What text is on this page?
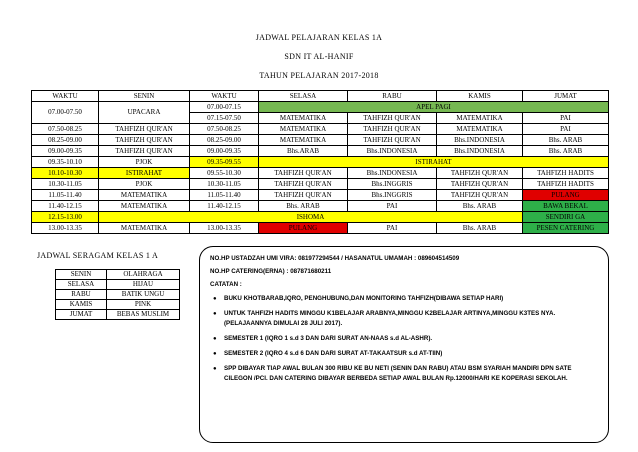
JADWAL PELAJARAN KELAS 1A
SDN IT AL-HANIF
TAHUN PELAJARAN 2017-2018
WAKTU	SENIN	WAKTU	SELASA	RABU	KAMIS	JUMAT
07.00-07.50	UPACARA	07.00-07.15	APEL PAGI			
		07.15-07.50	MATEMATIKA	TAHFIZH QUR'AN	MATEMATIKA	PAI
07.50-08.25	TAHFIZH QUR'AN	07.50-08.25	MATEMATIKA	TAHFIZH QUR'AN	MATEMATIKA	PAI
08.25-09.00	TAHFIZH QUR'AN	08.25-09.00	MATEMATIKA	TAHFIZH QUR'AN	Bhs.INDONESIA	Bhs. ARAB
09.00-09.35	TAHFIZH QUR'AN	09.00-09.35	Bhs.ARAB	Bhs.INDONESIA	Bhs.INDONESIA	Bhs. ARAB
09.35-10.10	PJOK	09.35-09.55	ISTIRAHAT			
10.10-10.30	ISTIRAHAT	09.55-10.30	TAHFIZH QUR'AN	Bhs.INDONESIA	TAHFIZH QUR'AN	TAHFIZH HADITS
10.30-11.05	PJOK	10.30-11.05	TAHFIZH QUR'AN	Bhs.INGGRIS	TAHFIZH QUR'AN	TAHFIZH HADITS
11.05-11.40	MATEMATIKA	11.05-11.40	TAHFIZH QUR'AN	Bhs.INGGRIS	TAHFIZH QUR'AN	PULANG
11.40-12.15	MATEMATIKA	11.40-12.15	Bhs. ARAB	PAI	Bhs. ARAB	BAWA BEKAL
12.15-13.00	ISHOMA					SENDIRI GA
13.00-13.35	MATEMATIKA	13.00-13.35	PULANG	PAI	Bhs. ARAB	PESEN CATERING
JADWAL SERAGAM KELAS 1 A
SENIN	OLAHRAGA
SELASA	HIJAU
RABU	BATIK UNGU
KAMIS	PINK
JUMAT	BEBAS MUSLIM

NO.HP USTADZAH UMI VIRA: 081977294544 / HASANATUL UMAMAH : 089604514509

NO.HP CATERING(ERNA) : 087871680211

CATATAN :

● BUKU KHOTBARAB,IQRO, PENGHUBUNG,DAN MONITORING TAHFIZH(DIBAWA SETIAP HARI)
● UNTUK TAHFIZH HADITS MINGGU K1BELAJAR ARABNYA,MINGGU K2BELAJAR ARTINYA,MINGGU K3TES NYA. (PELAJAANNYA DIMULAI 28 JULI 2017).
● SEMESTER 1 (IQRO 1 s.d 3 DAN DARI SURAT AN-NAAS s.d AL-ASHR).
● SEMESTER 2 (IQRO 4 s.d 6 DAN DARI SURAT AT-TAKAATSUR s.d AT-TIIN)
● SPP DIBAYAR TIAP AWAL BULAN 300 RIBU KE BU NETI (SENIN DAN RABU) ATAU BSM SYARIAH MANDIRI DPN SATE CILEGON /PCI. DAN CATERING DIBAYAR BERBEDA SETIAP AWAL BULAN Rp.12000/HARI KE KOPERASI SEKOLAH.
